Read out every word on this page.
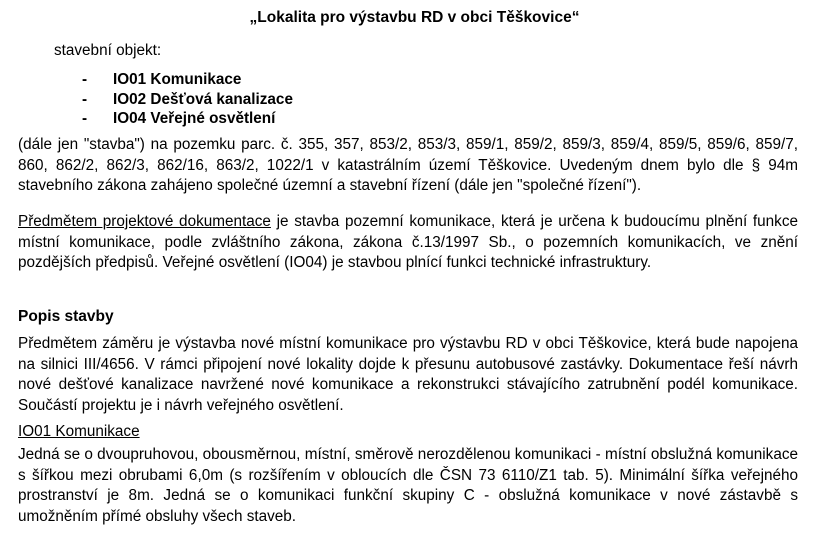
„Lokalita pro výstavbu RD v obci Těškovice“
stavební objekt:
- IO01 Komunikace
- IO02 Dešťová kanalizace
- IO04 Veřejné osvětlení

(dále jen "stavba") na pozemku parc. č. 355, 357, 853/2, 853/3, 859/1, 859/2, 859/3, 859/4, 859/5, 859/6, 859/7, 860, 862/2, 862/3, 862/16, 863/2, 1022/1 v katastrálním území Těškovice. Uvedeným dnem bylo dle § 94m stavebního zákona zahájeno společné územní a stavební řízení (dále jen "společné řízení").

Předmětem projektové dokumentace je stavba pozemní komunikace, která je určena k budoucímu plnění funkce místní komunikace, podle zvláštního zákona, zákona č.13/1997 Sb., o pozemních komunikacích, ve znění pozdějších předpisů. Veřejné osvětlení (IO04) je stavbou plnící funkci technické infrastruktury.

Popis stavby

Předmětem záměru je výstavba nové místní komunikace pro výstavbu RD v obci Těškovice, která bude napojena na silnici III/4656. V rámci připojení nové lokality dojde k přesunu autobusové zastávky. Dokumentace řeší návrh nové dešťové kanalizace navržené nové komunikace a rekonstrukci stávajícího zatrubnění podél komunikace. Součástí projektu je i návrh veřejného osvětlení.

IO01 Komunikace

Jedná se o dvoupruhovou, obousměrnou, místní, směrově nerozdělenou komunikaci - místní obslužná komunikace s šířkou mezi obrubami 6,0m (s rozšířením v obloucích dle ČSN 73 6110/Z1 tab. 5). Minimální šířka veřejného prostranství je 8m. Jedná se o komunikaci funkční skupiny C - obslužná komunikace v nové zástavbě s umožněním přímé obsluhy všech staveb.
